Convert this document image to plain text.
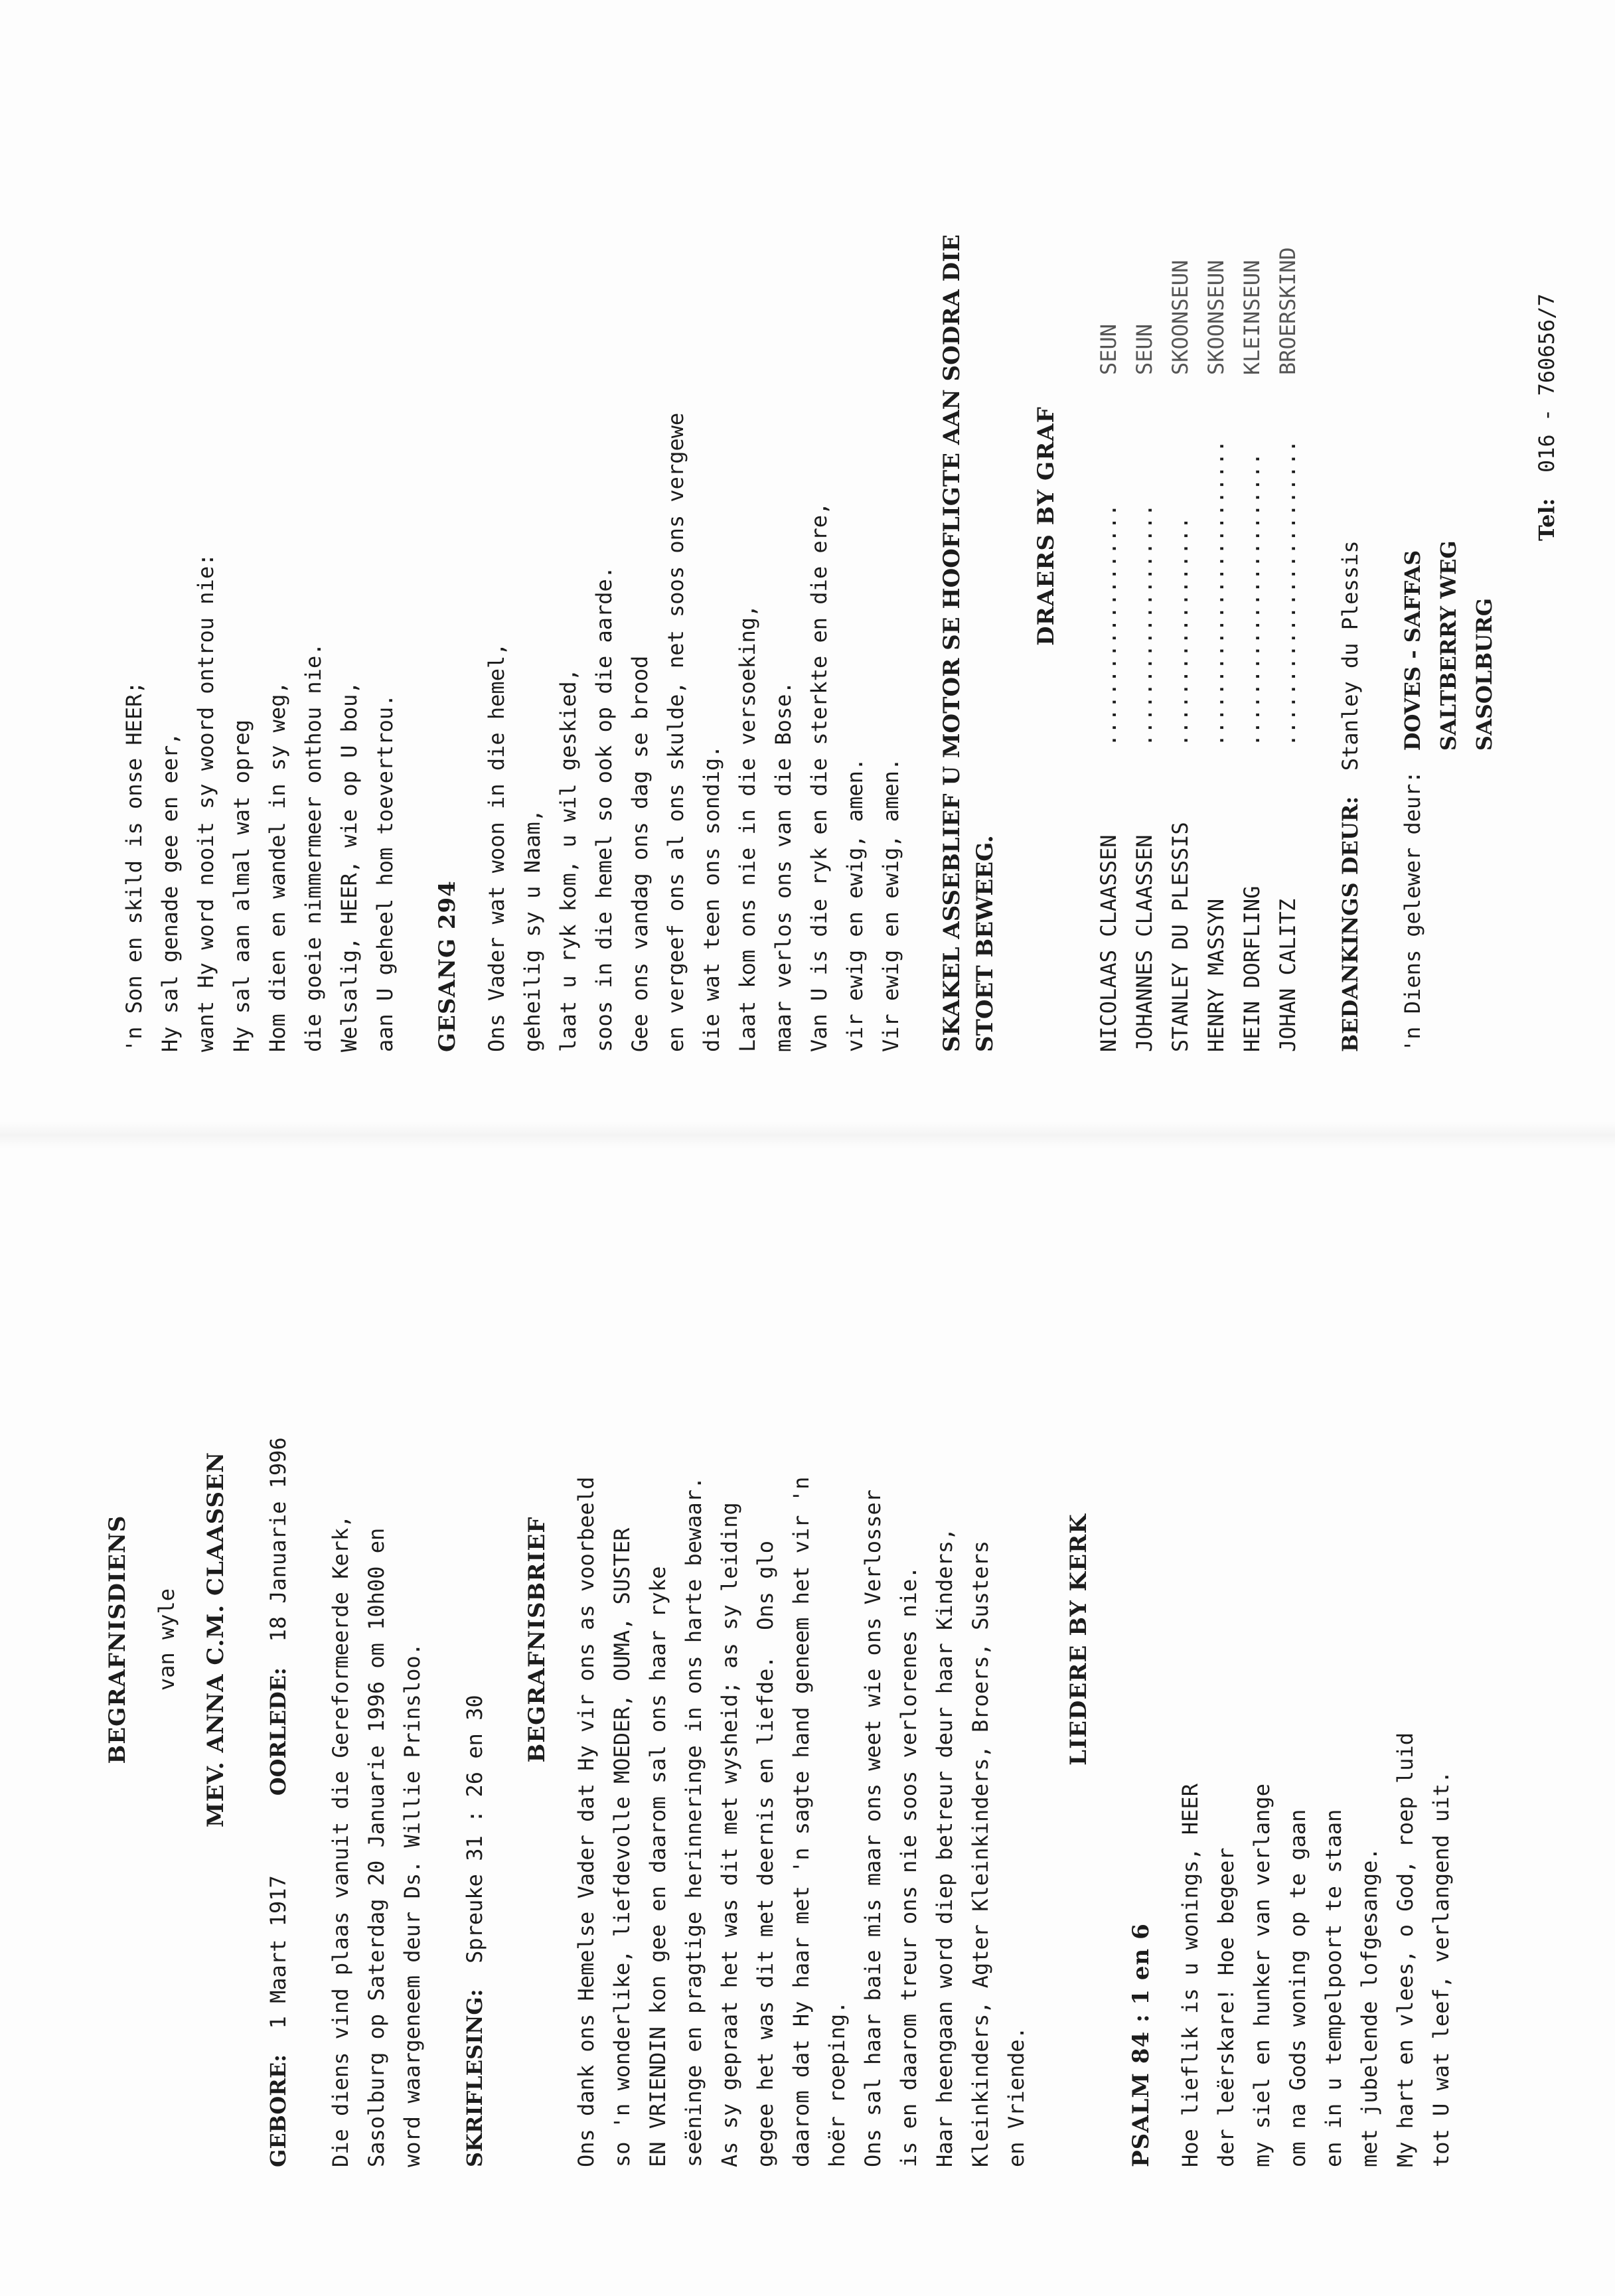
BEGRAFNISDIENS van wyle MEV. ANNA C.M. CLAASSEN
GEBORE:

1 Maart 1917
OORLEDE:

18 Januarie 1996 Die diens vind plaas vanuit die Gereformeerde Kerk, Sasolburg op Saterdag 20 Januarie 1996 om 10h00 en word waargeneem deur Ds. Willie Prinsloo. SKRIFLESING:

Spreuke 31 : 26 en 30
BEGRAFNISBRIEF Ons dank ons Hemelse Vader dat Hy vir ons as voorbeeld so 'n wonderlike, liefdevolle MOEDER, OUMA, SUSTER EN VRIENDIN kon gee en daarom sal ons haar ryke seëninge en pragtige herinneringe in ons harte bewaar. As sy gepraat het was dit met wysheid; as sy leiding gegee het was dit met deernis en liefde.  Ons glo daarom dat Hy haar met 'n sagte hand geneem het vir 'n hoër roeping. Ons sal haar baie mis maar ons weet wie ons Verlosser is en daarom treur ons nie soos verlorenes nie. Haar heengaan word diep betreur deur haar Kinders, Kleinkinders, Agter Kleinkinders, Broers, Susters en Vriende.
LIEDERE BY KERK
PSALM 84 : 1 en 6 Hoe lieflik is u wonings, HEER der leërskare! Hoe begeer my siel en hunker van verlange om na Gods woning op te gaan en in u tempelpoort te staan met jubelende lofgesange. My hart en vlees, o God, roep luid tot U wat leef, verlangend uit.
'n Son en skild is onse HEER; Hy sal genade gee en eer, want Hy word nooit sy woord ontrou nie: Hy sal aan almal wat opreg Hom dien en wandel in sy weg, die goeie nimmermeer onthou nie. Welsalig, HEER, wie op U bou, aan U geheel hom toevertrou. GESANG 294 Ons Vader wat woon in die hemel, geheilig sy u Naam, laat u ryk kom, u wil geskied, soos in die hemel so ook op die aarde. Gee ons vandag ons dag se brood en vergeef ons al ons skulde, net soos ons vergewe die wat teen ons sondig. Laat kom ons nie in die versoeking, maar verlos ons van die Bose. Van U is die ryk en die sterkte en die ere, vir ewig en ewig, amen. Vir ewig en ewig, amen. SKAKEL ASSEBLIEF U MOTOR SE HOOFLIGTE AAN SODRA DIE STOET BEWEEG.
DRAERS BY GRAF
NICOLAAS CLAASSEN
...................
SEUN
JOHANNES CLAASSEN
...................
SEUN
STANLEY DU PLESSIS
..................
SKOONSEUN
HENRY MASSYN
........................
SKOONSEUN
HEIN DORFLING
.......................
KLEINSEUN
JOHAN CALITZ
........................
BROERSKIND
BEDANKINGS DEUR:

Stanley du Plessis
'n Diens gelewer deur:
DOVES - SAFFAS SALTBERRY WEG SASOLBURG
Tel:

016 - 760656/7
